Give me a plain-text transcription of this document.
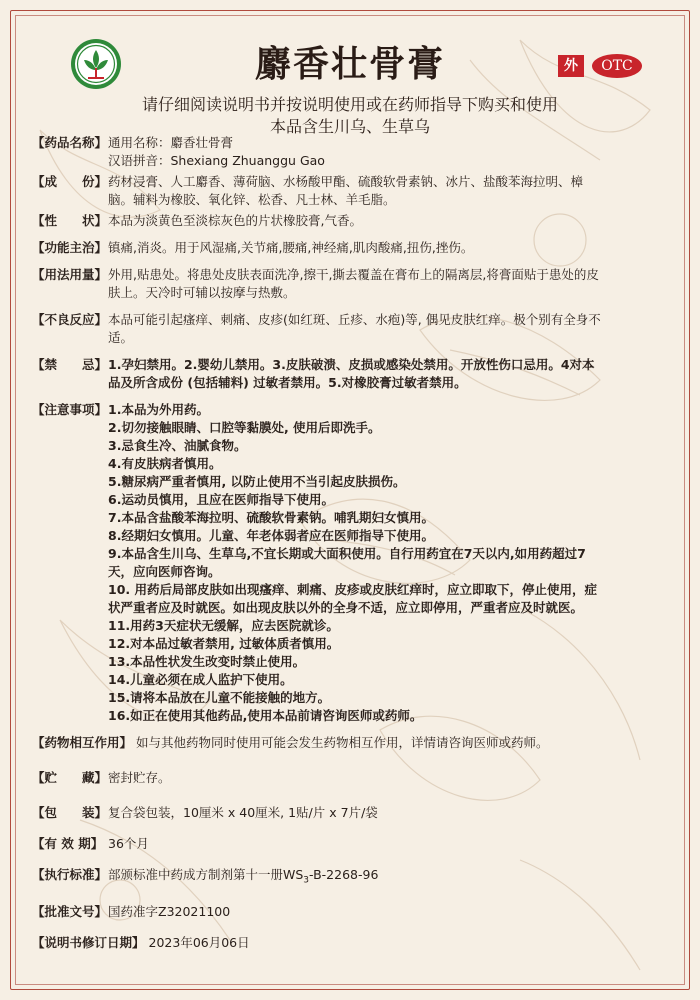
麝香壮骨膏	外	OTC
请仔细阅读说明书并按说明使用或在药师指导下购买和使用
本品含生川乌、生草乌
【药品名称】 通用名称：麝香壮骨膏
汉语拼音：Shexiang Zhuanggu Gao
【成　　份】 药材浸膏、人工麝香、薄荷脑、水杨酸甲酯、硫酸软骨素钠、冰片、盐酸苯海拉明、樟
脑。辅料为橡胶、氧化锌、松香、凡士林、羊毛脂。
【性　　状】 本品为淡黄色至淡棕灰色的片状橡胶膏,气香。
【功能主治】 镇痛,消炎。用于风湿痛,关节痛,腰痛,神经痛,肌肉酸痛,扭伤,挫伤。
【用法用量】 外用,贴患处。将患处皮肤表面洗净,擦干,撕去覆盖在膏布上的隔离层,将膏面贴于患处的皮
肤上。天冷时可辅以按摩与热敷。
【不良反应】 本品可能引起瘙痒、刺痛、皮疹(如红斑、丘疹、水疱)等, 偶见皮肤红痒。极个别有全身不
适。
【禁　　忌】 1.孕妇禁用。2.婴幼儿禁用。3.皮肤破溃、皮损或感染处禁用。开放性伤口忌用。4对本
品及所含成份 (包括辅料) 过敏者禁用。5.对橡胶膏过敏者禁用。
【注意事项】 1.本品为外用药。
2.切勿接触眼睛、口腔等黏膜处, 使用后即洗手。
3.忌食生冷、油腻食物。
4.有皮肤病者慎用。
5.糖尿病严重者慎用, 以防止使用不当引起皮肤损伤。
6.运动员慎用，且应在医师指导下使用。
7.本品含盐酸苯海拉明、硫酸软骨素钠。哺乳期妇女慎用。
8.经期妇女慎用。儿童、年老体弱者应在医师指导下使用。
9.本品含生川乌、生草乌,不宜长期或大面积使用。自行用药宜在7天以内,如用药超过7
天，应向医师咨询。
10. 用药后局部皮肤如出现瘙痒、刺痛、皮疹或皮肤红痒时，应立即取下，停止使用，症
状严重者应及时就医。如出现皮肤以外的全身不适，应立即停用，严重者应及时就医。
11.用药3天症状无缓解，应去医院就诊。
12.对本品过敏者禁用, 过敏体质者慎用。
13.本品性状发生改变时禁止使用。
14.儿童必须在成人监护下使用。
15.请将本品放在儿童不能接触的地方。
16.如正在使用其他药品,使用本品前请咨询医师或药师。
【药物相互作用】 如与其他药物同时使用可能会发生药物相互作用，详情请咨询医师或药师。
【贮　　藏】 密封贮存。
【包　　装】 复合袋包装，10厘米 x 40厘米, 1贴/片 x 7片/袋
【有 效 期】 36个月
【执行标准】 部颁标准中药成方制剂第十一册$WS_3-B-2268-96$
【批准文号】 国药准字Z32021100
【说明书修订日期】 2023年06月06日
